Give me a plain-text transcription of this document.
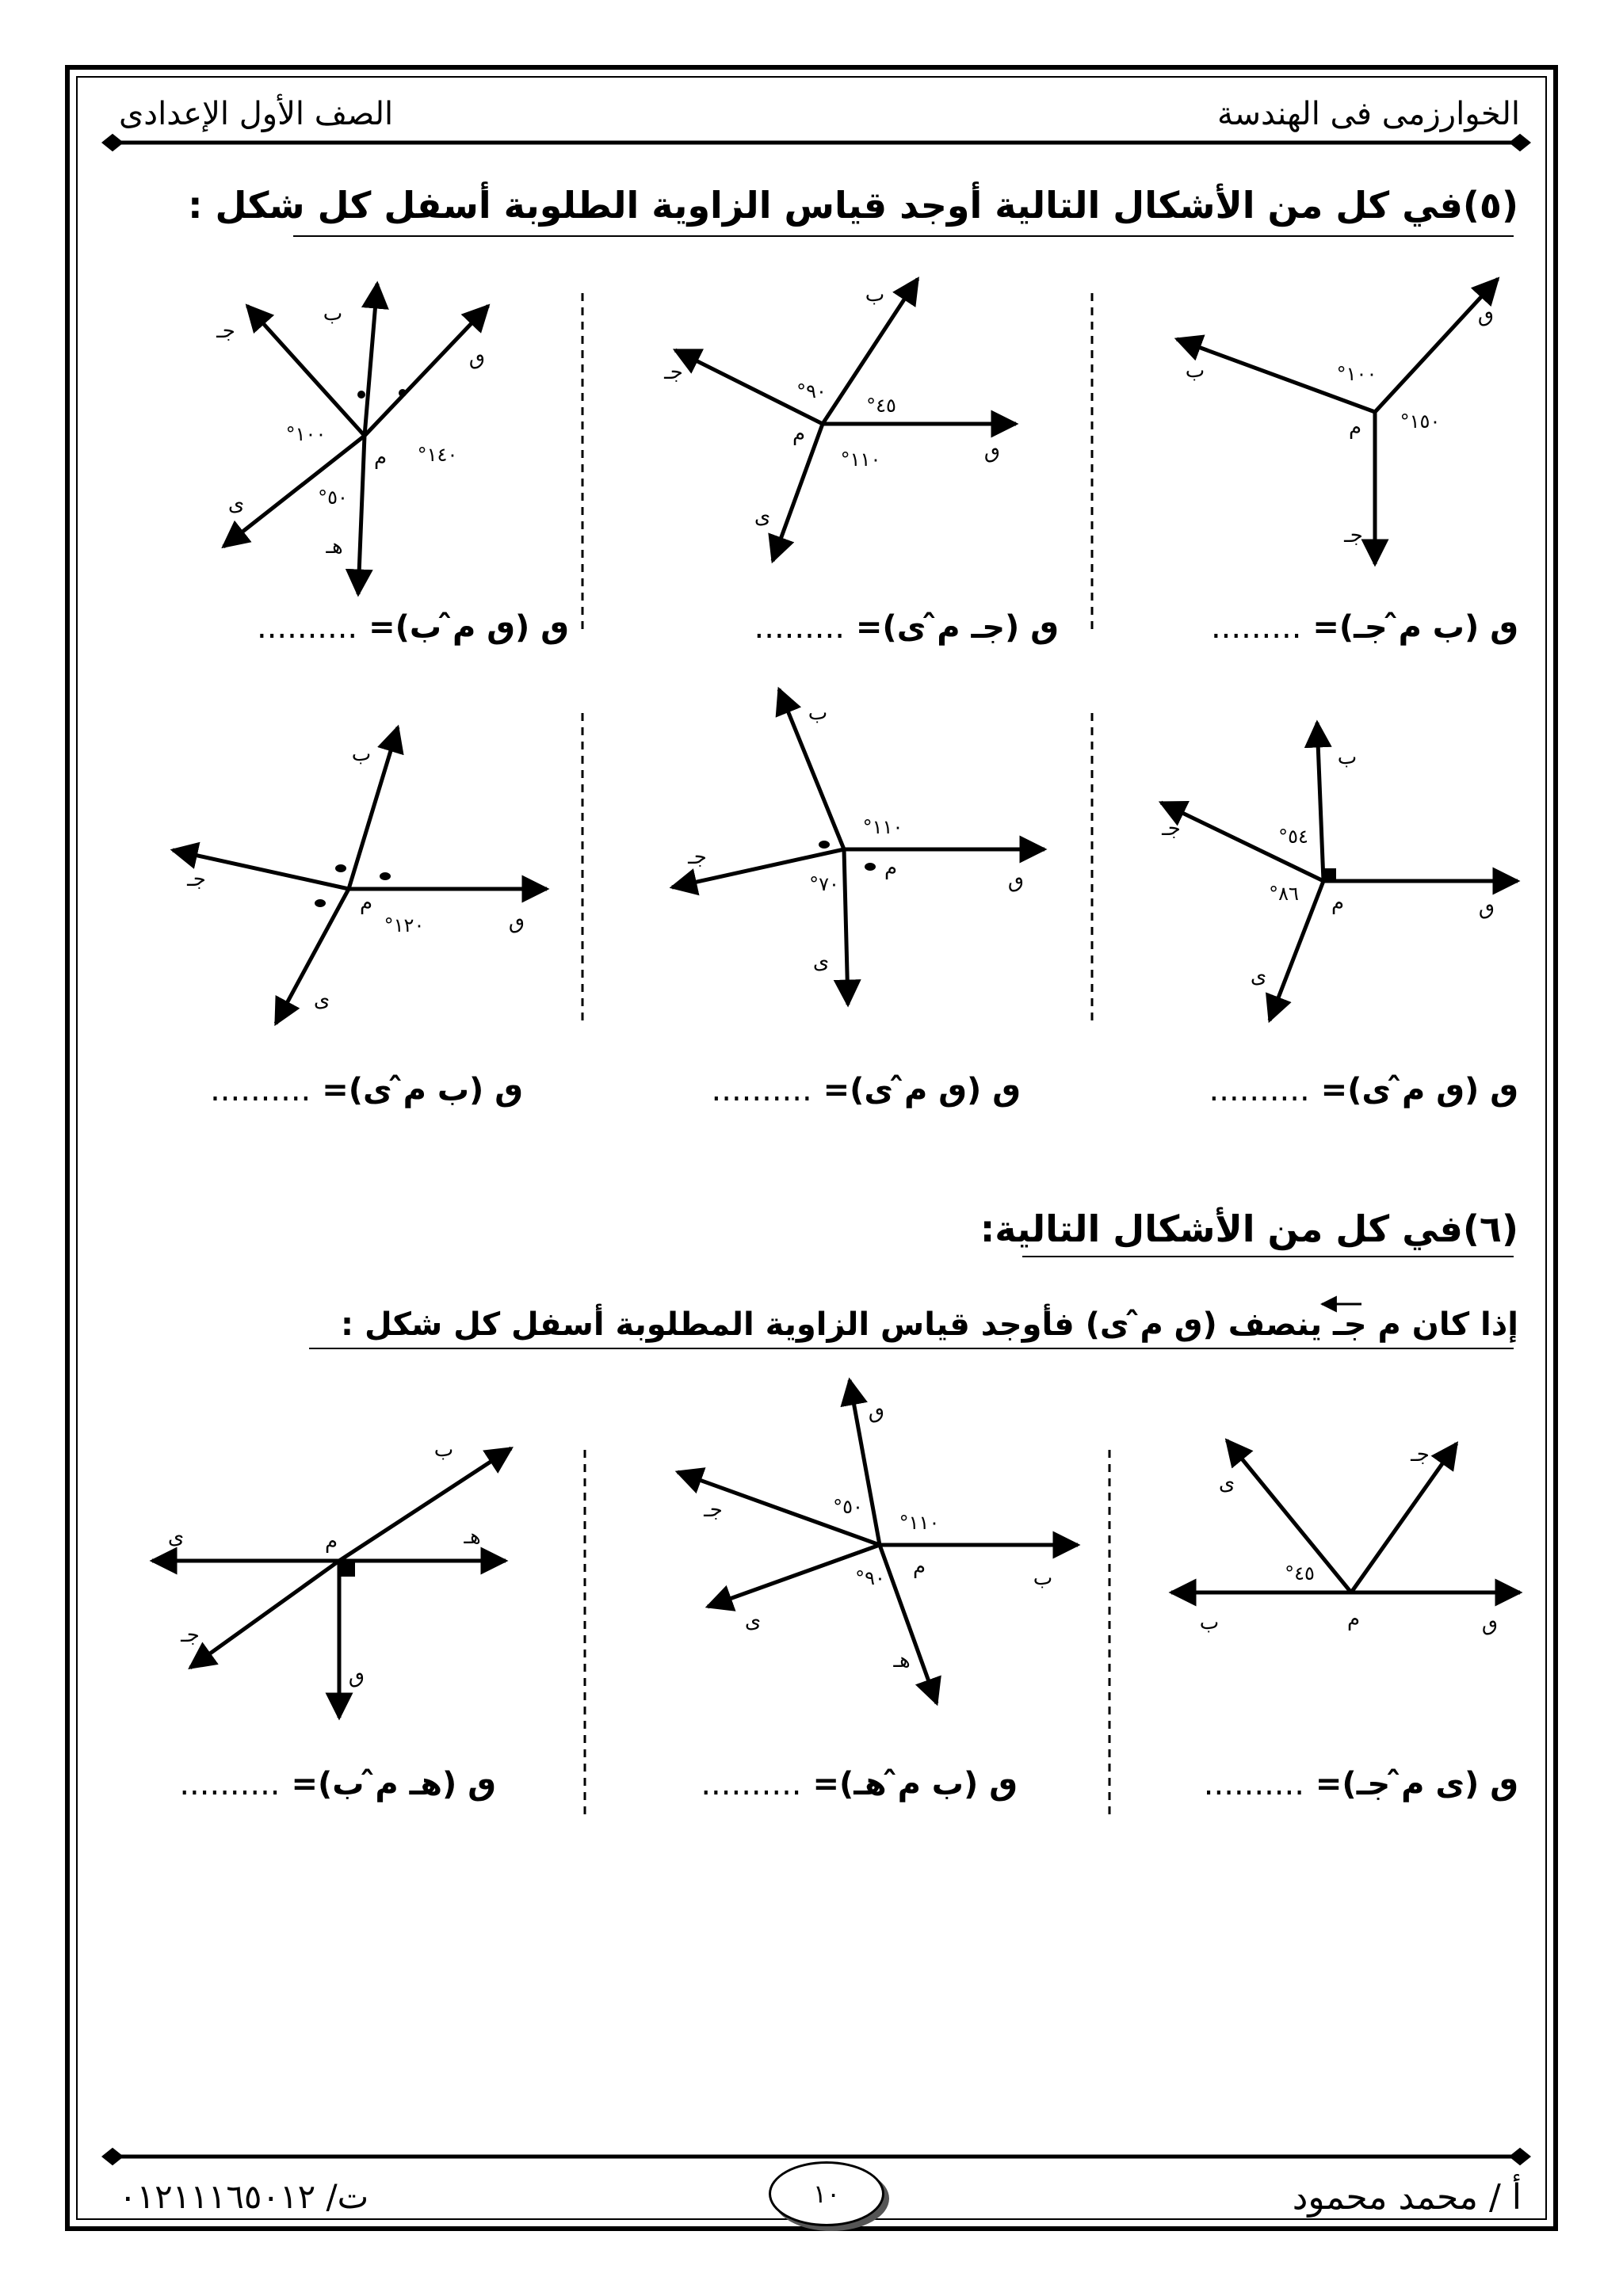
الخوارزمى فى الهندسة
الصف الأول الإعدادى
(٥)في كل من الأشكال التالية أوجد قياس الزاوية الطلوبة أسفل كل شكل :
ٯ
ب
جـ
م
١٠٠°
١٥٠°
ب
جـ
ٯ
ى
م
٩٠°
٤٥°
١١٠°
ب
ٯ
جـ
ى
هـ
م
١٠٠°
١٤٠°
٥٠°
ٯ (ب م̂ جـ)= .........
ٯ (جـ م̂ ى)= .........
ٯ (ٯ م̂ ب)= ..........
ب
ٯ
جـ
ى
م
٥٤°
٨٦°
ب
ٯ
جـ
ى
م
١١٠°
٧٠°
ب
ٯ
جـ
ى
م
١٢٠°
ٯ (ٯ م̂ ى)= ..........
ٯ (ٯ م̂ ى)= ..........
ٯ (ب م̂ ى)= ..........
(٦)في كل من الأشكال التالية:
إذا كان م جـ ينصف (ٯ م̂ ى) فأوجد قياس الزاوية المطلوبة أسفل كل شكل :
جـ
ى
ٯ
ب	م
٤٥°
ٯ
جـ
ب
ى
هـ
م
٥٠°
١١٠°
٩٠°
ب
ى	هـ
م
جـ
ٯ
ٯ (ى م̂ جـ)= ..........
ٯ (ب م̂ هـ)= ..........
ٯ (هـ م̂ ب)= ..........
أ / محمد محمود
١٠
ت/ ٠١٢١١١٦٥٠١٢
